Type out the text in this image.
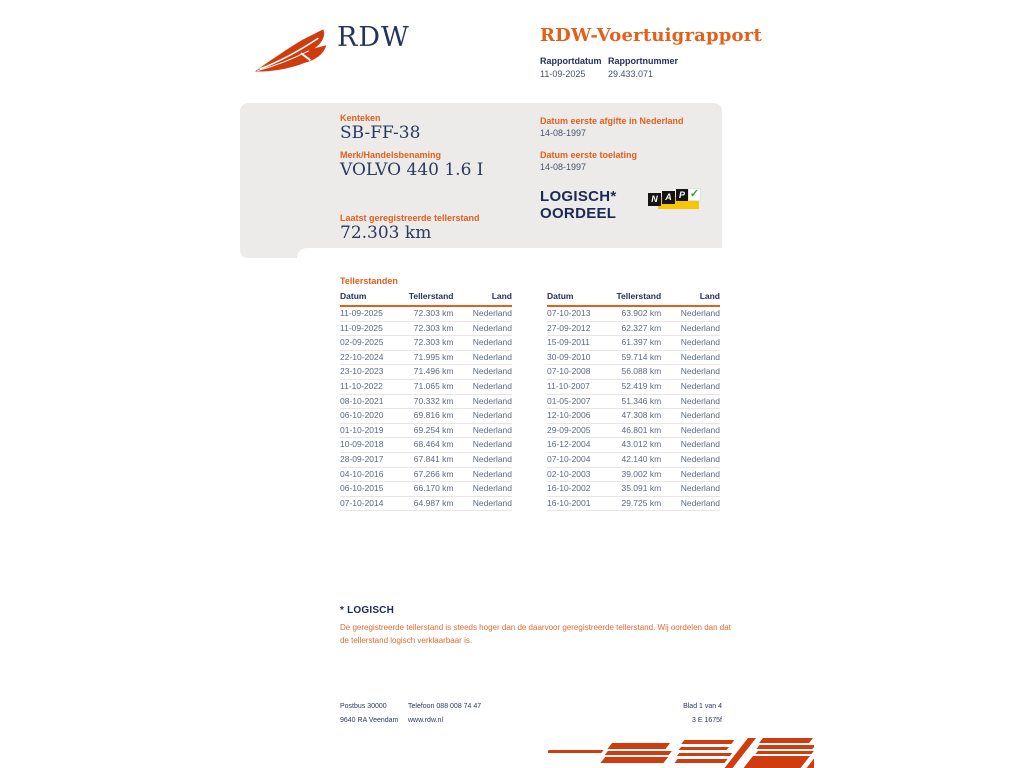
RDW	RDW-Voertuigrapport
Rapportdatum
11-09-2025
Rapportnummer
29.433.071
Kenteken
SB-FF-38
Merk/Handelsbenaming
VOLVO 440 1.6 I
Laatst geregistreerde tellerstand
72.303 km
Datum eerste afgifte in Nederland
14-08-1997
Datum eerste toelating
14-08-1997
LOGISCH*
OORDEEL
N A P ✓
Tellerstanden
Datum	Tellerstand	Land
11-09-2025	72.303 km	Nederland
11-09-2025	72.303 km	Nederland
02-09-2025	72.303 km	Nederland
22-10-2024	71.995 km	Nederland
23-10-2023	71.496 km	Nederland
11-10-2022	71.065 km	Nederland
08-10-2021	70.332 km	Nederland
06-10-2020	69.816 km	Nederland
01-10-2019	69.254 km	Nederland
10-09-2018	68.464 km	Nederland
28-09-2017	67.841 km	Nederland
04-10-2016	67.266 km	Nederland
06-10-2015	66.170 km	Nederland
07-10-2014	64.987 km	Nederland
Datum	Tellerstand	Land
07-10-2013	63.902 km	Nederland
27-09-2012	62.327 km	Nederland
15-09-2011	61.397 km	Nederland
30-09-2010	59.714 km	Nederland
07-10-2008	56.088 km	Nederland
11-10-2007	52.419 km	Nederland
01-05-2007	51.346 km	Nederland
12-10-2006	47.308 km	Nederland
29-09-2005	46.801 km	Nederland
16-12-2004	43.012 km	Nederland
07-10-2004	42.140 km	Nederland
02-10-2003	39.002 km	Nederland
16-10-2002	35.091 km	Nederland
16-10-2001	29.725 km	Nederland
* LOGISCH
De geregistreerde tellerstand is steeds hoger dan de daarvoor geregistreerde tellerstand. Wij oordelen dan dat de tellerstand logisch verklaarbaar is.
Postbus 30000
9640 RA Veendam
Telefoon 088 008 74 47
www.rdw.nl
Blad 1 van 4
3 E 1675f
